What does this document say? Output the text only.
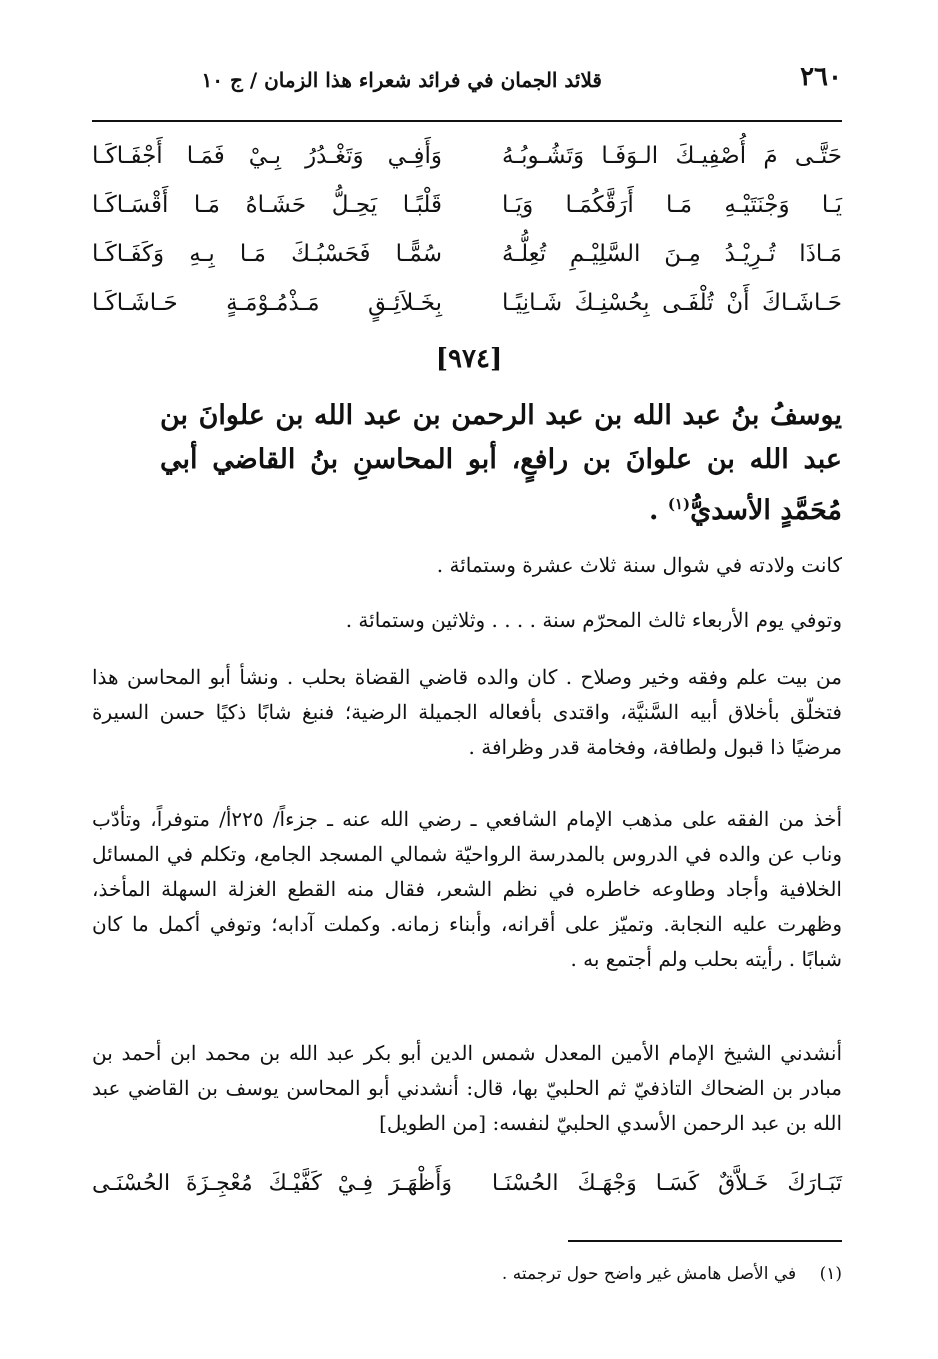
٢٦٠
قلائد الجمان في فرائد شعراء هذا الزمان / ج ١٠
حَتَّـى مَ أُصْفِيـكَ الـوَفَـا وَتَشُـوبُـهُ
وَأَفِـي وَتَغْـدُرُ بِـيْ فَمَـا أَجْفَـاكَـا
يَـا وَجْنَتَيْـهِ مَـا أَرَقَّكُمَـا وَيَـا
قَلْبًـا يَحِـلُّ حَشَـاهُ مَـا أَقْسَـاكَـا
مَـاذَا تُـرِيْـدُ مِـنَ السَّلِيْـمِ تُعِلُّـهُ
سُمًّـا فَحَسْبُـكَ مَـا بِـهِ وَكَفَـاكَـا
حَـاشَـاكَ أَنْ تُلْفَـى بِحُسْنِـكَ شَـانِيًـا
بِخَـلاَئِـقٍ مَـذْمُـوْمَـةٍ حَـاشَـاكَـا
[٩٧٤]
يوسفُ بنُ عبد الله بن عبد الرحمن بن عبد الله بن علوانَ بن عبد الله بن علوانَ بن رافعٍ، أبو المحاسنِ بنُ القاضي أبي مُحَمَّدٍ الأسديُّ$^{(١)}$ .
كانت ولادته في شوال سنة ثلاث عشرة وستمائة .
وتوفي يوم الأربعاء ثالث المحرّم سنة . . . . وثلاثين وستمائة .
من بيت علم وفقه وخير وصلاح . كان والده قاضي القضاة بحلب . ونشأ أبو المحاسن هذا فتخلّق بأخلاق أبيه السَّنيَّة، واقتدى بأفعاله الجميلة الرضية؛ فنبغ شابًا ذكيًا حسن السيرة مرضيًا ذا قبول ولطافة، وفخامة قدر وظرافة .
أخذ من الفقه على مذهب الإمام الشافعي ـ رضي الله عنه ـ جزءاً/ ٢٢٥أ/ متوفراً، وتأدّب وناب عن والده في الدروس بالمدرسة الرواحيّة شمالي المسجد الجامع، وتكلم في المسائل الخلافية وأجاد وطاوعه خاطره في نظم الشعر، فقال منه القطع الغزلة السهلة المأخذ، وظهرت عليه النجابة. وتميّز على أقرانه، وأبناء زمانه. وكملت آدابه؛ وتوفي أكمل ما كان شبابًا . رأيته بحلب ولم أجتمع به .
أنشدني الشيخ الإمام الأمين المعدل شمس الدين أبو بكر عبد الله بن محمد ابن أحمد بن مبادر بن الضحاك التاذفيّ ثم الحلبيّ بها، قال: أنشدني أبو المحاسن يوسف بن القاضي عبد الله بن عبد الرحمن الأسدي الحلبيّ لنفسه: [من الطويل]
تَبَـارَكَ خَـلاَّقٌ كَسَـا وَجْهَـكَ الحُسْنَـا
وَأَظْهَـرَ فِـيْ كَفَّيْـكَ مُعْجِـزَةَ الحُسْنَـى
(١) في الأصل هامش غير واضح حول ترجمته .
